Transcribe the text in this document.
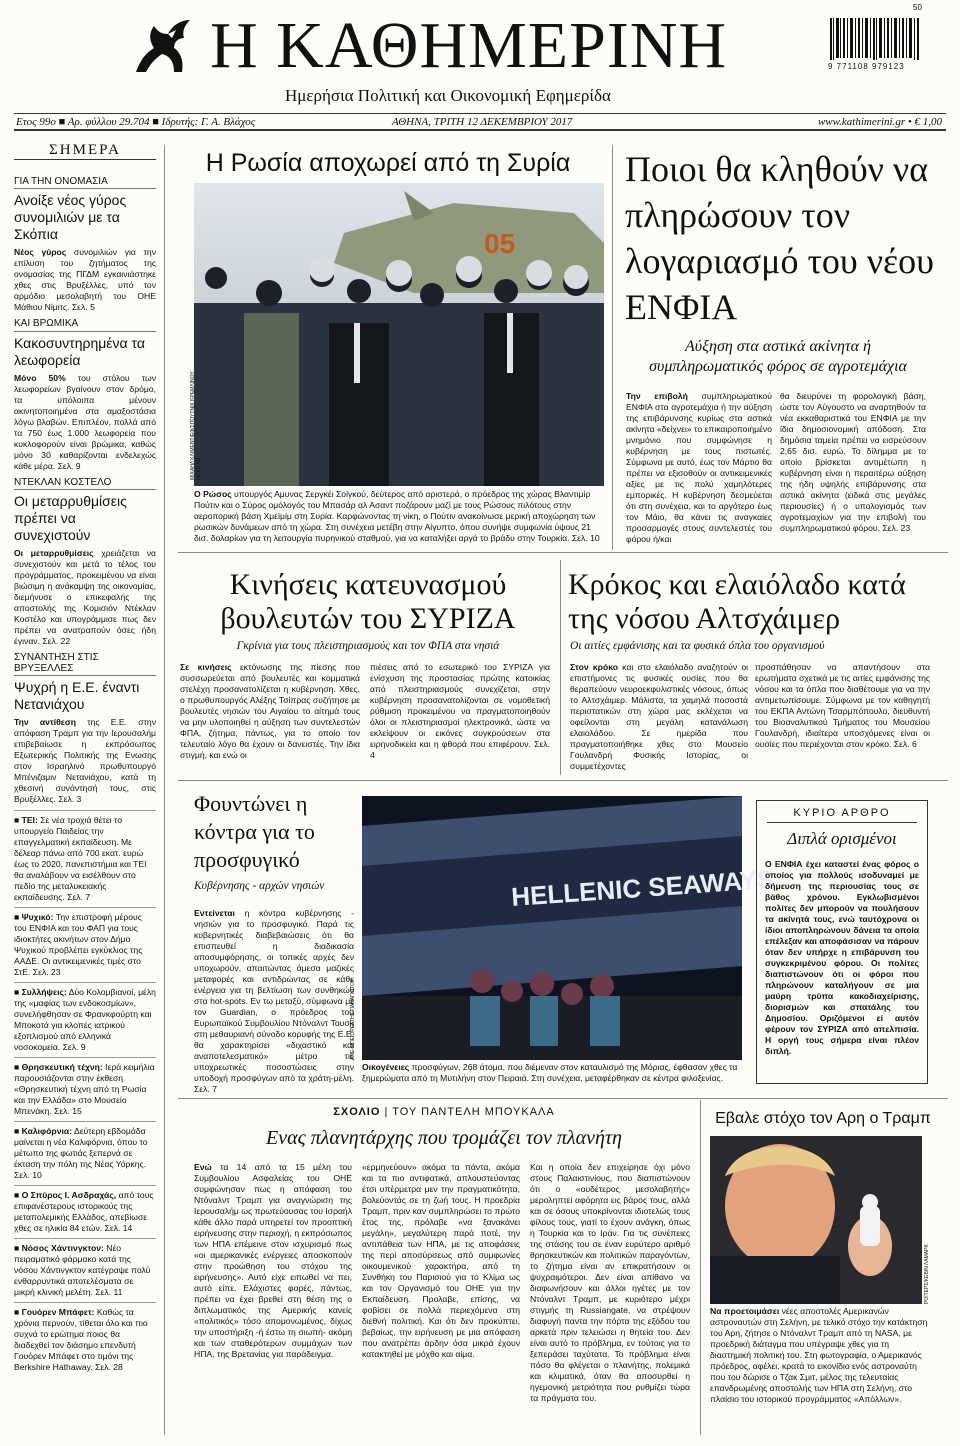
Η ΚΑΘΗΜΕΡΙΝΗ
Ημερήσια Πολιτική και Οικονομική Εφημερίδα
50
9 771108 979123
Ετος 99ο ■ Αρ. φύλλου 29.704 ■ Ιδρυτής: Γ. Α. Βλάχος	ΑΘΗΝΑ, ΤΡΙΤΗ 12 ΔΕΚΕΜΒΡΙΟΥ 2017	www.kathimerini.gr • € 1,00
ΣΗΜΕΡΑ
ΓΙΑ ΤΗΝ ΟΝΟΜΑΣΙΑ
Ανοίξε νέος γύρος συνομιλιών με τα Σκόπια
Νέος γύρος συνομιλιών για την επίλυση του ζητήματος της ονομασίας της ΠΓΔΜ εγκαινιάστηκε χθες στις Βρυξέλλες, υπό τον αρμόδιο μεσολαβητή του ΟΗΕ Μάθιου Νίμιτς. Σελ. 5
ΚΑΙ ΒΡΩΜΙΚΑ
Κακοσυντηρημένα τα λεωφορεία
Μόνο 50% του στόλου των λεωφορείων βγαίνουν στον δρόμο, τα υπόλοιπα μένουν ακινητοποιημένα στα αμαξοστάσια λόγω βλαβών. Επιπλέον, πολλά από τα 750 έως 1.000 λεωφορεία που κυκλοφορούν είναι βρώμικα, καθώς μόνο 30 καθαρίζονται ενδελεχώς κάθε μέρα. Σελ. 9
ΝΤΕΚΛΑΝ ΚΟΣΤΕΛΟ
Οι μεταρρυθμίσεις πρέπει να συνεχιστούν
Οι μεταρρυθμίσεις χρειάζεται να συνεχιστούν και μετά το τέλος του προγράμματος, προκειμένου να είναι βιώσιμη η ανάκαμψη της οικονομίας, διεμήνυσε ο επικεφαλής της αποστολής της Κομισιόν Ντέκλαν Κοστέλο και υπογράμμισε πως δεν πρέπει να ανατραπούν όσες ήδη έγιναν. Σελ. 22
ΣΥΝΑΝΤΗΣΗ ΣΤΙΣ ΒΡΥΞΕΛΛΕΣ
Ψυχρή η Ε.Ε. έναντι Νετανιάχου
Την αντίθεση της Ε.Ε. στην απόφαση Τραμπ για την Ιερουσαλήμ επιβεβαίωσε η εκπρόσωπος Εξωτερικής Πολιτικής της Ενωσης στον Ισραηλινό πρωθυπουργό Μπένιζαμιν Νετανιάχου, κατά τη χθεσινή συνάντησή τους, στις Βρυξέλλες. Σελ. 3
■ ΤΕΙ: Σε νέα τροχιά θέτει το υπουργείο Παιδείας την επαγγελματική εκπαίδευση. Με δέλεαρ πάνω από 700 εκατ. ευρώ έως το 2020, πανεπιστήμια και ΤΕΙ θα αναλάβουν να εισέλθουν στο πεδίο της μεταλυκειακής εκπαίδευσης. Σελ. 7
■ Ψυχικό: Την επιστροφή μέρους του ΕΝΦΙΑ και του ΦΑΠ για τους ιδιοκτήτες ακινήτων στον Δήμο Ψυχικού προβλέπει εγκύκλιος της ΑΑΔΕ. Οι αντικειμενικές τιμές στο ΣτΕ. Σελ. 23
■ Συλλήψεις: Δύο Κολομβιανοί, μέλη της «μαφίας των ενδοκοσμίων», συνελήφθησαν σε Φρανκφούρτη και Μποκοτά για κλοπές ιατρικού εξοπλισμού από ελληνικά νοσοκομεία. Σελ. 9
■ Θρησκευτική τέχνη: Ιερά κειμήλια παρουσιάζονται στην έκθεση «Θρησκευτική τέχνη από τη Ρωσία και την Ελλάδα» στο Μουσείο Μπενάκη. Σελ. 15
■ Καλιφόρνια: Δεύτερη εβδομάδα μαίνεται η νέα Καλιφόρνια, όπου το μέτωπο της φωτιάς ξεπερνά σε έκταση την πόλη της Νέας Υόρκης. Σελ. 10
■ Ο Σπύρος Ι. Ασδραχάς, από τους επιφανέστερους ιστορικούς της μεταπολεμικής Ελλάδος, απεβίωσε χθες σε ηλικία 84 ετών. Σελ. 14
■ Νόσος Χάντινγκτον: Νέο πειραματικό φάρμακο κατά της νόσου Χάντινγκτον κατέγραψε πολύ ενθαρρυντικά αποτελέσματα σε μικρή κλινική μελέτη. Σελ. 11
■ Γουόρεν Μπάφετ: Καθώς τα χρόνια περνούν, τίθεται όλο και πιο συχνά το ερώτημα ποιος θα διαδεχθεί τον διάσημο επενδυτή Γουόρεν Μπάφετ στο τιμόνι της Berkshire Hathaway. Σελ. 28
Η Ρωσία αποχωρεί από τη Συρία
05
ΜΙΧΑΗΛ ΚΛΙΜΕΝΤΙΕΦ/ΣΠΟΥΤΝΙΚ ΚΡΕΜΛΙΝΟΥ, ΜΕΣΩ ΑΠ
Ο Ρώσος υπουργός Αμυνας Σεργκέι Σοϊγκού, δεύτερος από αριστερά, ο πρόεδρος της χώρας Βλαντιμίρ Πούτιν και ο Σύρος ομόλογός του Μπασάρ αλ Ασαντ ποζάρουν μαζί με τους Ρώσους πιλότους στην αεροπορική βάση Χμεϊμίμ στη Συρία. Καρφώνοντας τη νίκη, ο Πούτιν ανακοίνωσε μερική αποχώρηση των ρωσικών δυνάμεων από τη χώρα. Στη συνέχεια μετέβη στην Αίγυπτο, όπου συνήψε συμφωνία ύψους 21 δισ. δολαρίων για τη λειτουργία πυρηνικού σταθμού, για να καταλήξει αργά το βράδυ στην Τουρκία. Σελ. 10
Ποιοι θα κληθούν να πληρώσουν τον λογαριασμό του νέου ΕΝΦΙΑ
Αύξηση στα αστικά ακίνητα ή συμπληρωματικός φόρος σε αγροτεμάχια
Την επιβολή συμπληρωματικού ΕΝΦΙΑ στα αγροτεμάχια ή την αύξηση της επιβάρυνσης κυρίως στα αστικά ακίνητα «δείχνει» το επικαιροποιημένο μνημόνιο που συμφώνησε η κυβέρνηση με τους πιστωτές. Σύμφωνα με αυτό, έως τον Μάρτιο θα πρέπει να εξισοθούν οι αντικειμενικές αξίες με τις πολύ χαμηλότερες εμπορικές. Η κυβέρνηση δεσμεύεται ότι στη συνέχεια, και το αργότερο έως τον Μάιο, θα κάνει τις αναγκαίες προσαρμογές στους συντελεστές του φόρου ή/και
θα διευρύνει τη φορολογική βάση, ώστε τον Αύγουστο να αναρτηθούν τα νέα εκκαθαριστικά του ΕΝΦΙΑ με την ίδια δημοσιονομική απόδοση. Στα δημόσια ταμεία πρέπει να εισρεύσουν 2,65 δισ. ευρώ. Το δίλημμα με το οποίο βρίσκεται αντιμέτωπη η κυβέρνηση είναι η περαιτέρω αύξηση της ήδη υψηλής επιβάρυνσης στα αστικά ακίνητα (ειδικά στις μεγάλες περιουσίες) ή ο υπολογισμός των αγροτεμαχίων για την επιβολή του συμπληρωματικού φόρου. Σελ. 23
Κινήσεις κατευνασμού βουλευτών του ΣΥΡΙΖΑ
Γκρίνια για τους πλειστηριασμούς και τον ΦΠΑ στα νησιά
Σε κινήσεις εκτόνωσης της πίεσης που συσσωρεύεται από βουλευτές και κομματικά στελέχη προσανατολίζεται η κυβέρνηση. Χθες, ο πρωθυπουργός Αλέξης Τσίπρας συζήτησε με βουλευτές νησιών του Αιγαίου το αίτημά τους να μην υλοποιηθεί η αύξηση των συντελεστών ΦΠΑ, ζήτημα, πάντως, για το οποίο τον τελευταίο λόγο θα έχουν οι δανειστές. Την ίδια στιγμή, και ενώ οι
πιέσεις από το εσωτερικό του ΣΥΡΙΖΑ για ενίσχυση της προστασίας πρώτης κατοικίας από πλειστηριασμούς συνεχίζεται, στην κυβέρνηση προσανατολίζονται σε νομοθετική ρύθμιση προκειμένου να πραγματοποιηθούν όλοι οι πλειστηριασμοί ηλεκτρονικά, ώστε να εκλείψουν οι εικόνες συγκρούσεων στα ειρηνοδικεία και η φθορά που επιφέρουν. Σελ. 4
Κρόκος και ελαιόλαδο κατά της νόσου Αλτσχάιμερ
Οι αιτίες εμφάνισης και τα φυσικά όπλα του οργανισμού
Στον κρόκο και στο ελαιόλαδο αναζητούν οι επιστήμονες τις φυσικές ουσίες που θα θεραπεύουν νευροεκφυλιστικές νόσους, όπως το Αλτσχάιμερ. Μάλιστα, τα χαμηλά ποσοστά περιστατικών στη χώρα μας εκλέχεται να οφείλονται στη μεγάλη κατανάλωση ελαιολάδου. Σε ημερίδα που πραγματοποιήθηκε χθες στο Μουσείο Γουλανδρή Φυσικής Ιστορίας, οι συμμετέχοντες
προσπάθησαν να απαντήσουν στα ερωτήματα σχετικά με τις αιτίες εμφάνισης της νόσου και τα όπλα που διαθέτουμε για να την αντιμετωπίσουμε. Σύμφωνα με τον καθηγητή του ΕΚΠΑ Αντώνη Τσαρμπόπουλο, διευθυντή του Βιοαναλυτικού Τμήματος του Μουσείου Γουλανδρή, ιδιαίτερα υποσχόμενες είναι οι ουσίες που περιέχονται στον κρόκο. Σελ. 6
Φουντώνει η κόντρα για το προσφυγικό
Κυβέρνησης - αρχών νησιών
Εντείνεται η κόντρα κυβέρνησης - νησιών για το προσφυγικό. Παρά τις κυβερνητικές διαβεβαιώσεις ότι θα επισπευθεί η διαδικασία αποσυμφόρησης, οι τοπικές αρχές δεν υποχωρούν, απαιτώντας άμεσα μαζικές μεταφορές και αντιδρώντας σε κάθε ενέργεια για τη βελτίωση των συνθηκών στα hot-spots. Εν τω μεταξύ, σύμφωνα με τον Guardian, ο πρόεδρος του Ευρωπαϊκού Συμβουλίου Ντόναλντ Τουσκ στη μεθαυριανή σύνοδο κορυφής της Ε.Ε. θα χαρακτηρίσει «διχαστικό και αναποτελεσματικό» μέτρο τις υποχρεωτικές ποσοστώσεις στην υποδοχή προσφύγων από τα χράτη-μέλη. Σελ. 7
HELLENIC SEAWAYS
ΑΠΕ-ΜΠΕ/ΟΡΕΣΤΗΣ ΠΑΝΑΓΙΩΤΟΥ
Οικογένειες προσφύγων, 268 άτομα, που διέμεναν στον καταυλισμό της Μόριας, έφθασαν χθες τα ξημερώματα από τη Μυτιλήνη στον Πειραιά. Στη συνέχεια, μεταφέρθηκαν σε κέντρα φιλοξενίας.
ΚΥΡΙΟ ΑΡΘΡΟ
Διπλά ορισμένοι
Ο ΕΝΦΙΑ έχει καταστεί ένας φόρος ο οποίος για πολλούς ισοδυναμεί με δήμευση της περιουσίας τους σε βάθος χρόνου. Εγκλωβισμένοι πολίτες δεν μπορούν να πουλήσουν τα ακίνητά τους, ενώ ταυτόχρονα οι ίδιοι αποπληρώνουν δάνεια τα οποία επέλεξαν και αποφάσισαν να πάρουν όταν δεν υπήρχε η επιβάρυνση του συγκεκριμένου φόρου. Οι πολίτες διαπιστώνουν ότι οι φόροι που πληρώνουν καταλήγουν σε μια μαύρη τρύπα κακοδιαχείρισης, διορισμών και σπατάλης του Δημοσίου. Οριζόμενοι εί αυτόν φέρουν τον ΣΥΡΙΖΑ από απελπισία. Η οργή τους σήμερα είναι πλέον διπλή.
ΣΧΟΛΙΟ | ΤΟΥ ΠΑΝΤΕΛΗ ΜΠΟΥΚΑΛΑ
Ενας πλανητάρχης που τρομάζει τον πλανήτη
Ενώ τα 14 από τα 15 μέλη του Συμβουλίου Ασφαλείας του ΟΗΕ συμφώνησαν πως η απόφαση του Ντόναλντ Τραμπ για αναγνώριση της Ιερουσαλήμ ως πρωτεύουσας του Ισραήλ κάθε άλλο παρά υπηρετεί τον προοπτική ειρήνευσης στην περιοχή, η εκπρόσωπος των ΗΠΑ επέμεινε στον ισχυρισμό πως «οι αμερικανικές ενέργειες αποσκοπούν στην προώθηση του στόχου της ειρήνευσης». Αυτό είχε ειπωθεί να πει, αυτό είπε. Ελάχιστες φορές, πάντως, πρέπει να έχει βρεθεί στη θέση της ο διπλωματικός της Αμερικής κανείς «πολιτικός» τόσο απομονωμένος, δίχως την υποστήριξη -ή έστω τη σιωπή- ακόμη και των σταθερότερων συμμάχων των ΗΠΑ, της Βρετανίας για παράδειγμα.
«ερμηνεύουν» ακόμα τα πάντα, ακόμα και τα πιο αντιφατικά, απλουστεύοντας έτσι υπέρμετρα μεν την πραγματικότητα, βολεύοντάς σε τη ζωή τους. Η προεδρία Τραμπ, πριν καν συμπληρώσει το πρώτο έτος της, πρόλαβε «να ξανακάνει μεγάλη», μεγαλύτερη παρά ποτέ, την αντιπάθεια των ΗΠΑ, με τις αποφάσεις της περί αποσύρσεως από συμφωνίες οικουμενικού χαρακτήρα, από τη Συνθήκη του Παρισιού για το Κλίμα ως και τον Οργανισμό του ΟΗΕ για την Εκπαίδευση. Προλαβε, επίσης, να φοβίσει σε πολλά περιεχόμενα στη διεθνή πολιτική. Και ότι δεν προκύπτει, βεβαίως, την ειρήνευση με μια απόφαση που ανατρέπει άρδην όσα μικρά έχουν κατακτηθεί με μόχθο και αίμα.
Και η οποία δεν επιχείρησε όχι μόνο στους Παλαιστινίους, που διαπιστώνουν ότι ο «ουδέτερος μεσολαβητής» μεροληπτεί αφόρητα εις βάρος τους, αλλά και σε όσους υποκρίνονται ιδιοτελώς τους φίλους τους, γιατί το έχουν ανάγκη, όπως η Τουρκία και το Ιράν. Για τις συνέπειες της στάσης του σε έναν ευρύτερο αριθμό θρησκευτικών και πολιτικών παραγόντων, το ζήτημα είναι αν επικρατήσουν οι ψυχραιμότεροι. Δεν είναι απίθανο να διαφωνήσουν και άλλοι ηγέτες με τον Ντόναλντ Τραμπ, με κυριότερο μέχρι στιγμής τη Russiangate, να στρέψουν διαφυγή παντα την πόρτα της εξόδου του αρκετά πριν τελειώσει η θητεία του. Δεν είναι αυτό το πρόβλημα, εν τούτοις για το ξεπεράσει ταχύτατα. Το πρόβλημα είναι πόσο θα φλέγεται ο πλανήτης, πολεμικά και κλιματικά, όταν θα αποσυρθεί η ηγεμονική μετριότητα που ρυθμίζει τώρα τα πράγματα του.
Εβαλε στόχο τον Αρη ο Τραμπ
ΡΟΪΤΕΡΣ/ΚΕΒΙΝ ΛΑΜΑΡΚ
Να προετοιμάσει νέες αποστολές Αμερικανών αστροναυτών στη Σελήνη, με τελικό στόχο την κατάκτηση του Αρη, ζήτησε ο Ντόναλντ Τραμπ από τη NASA, με προεδρική διάταγμα που υπέγραψε χθες για τη διαστημική πολιτική του. Στη φωτογραφία, ο Αμερικανός πρόεδρος, αφέλει, κρατά το εικονίδιο ενός αστροναύτη που του δώρισε ο Τζακ Σμιτ, μέλος της τελευταίας επανδρωμένης αποστολής των ΗΠΑ στη Σελήνη, στο πλαίσιο του ιστορικού προγράμματος «Απόλλων».
